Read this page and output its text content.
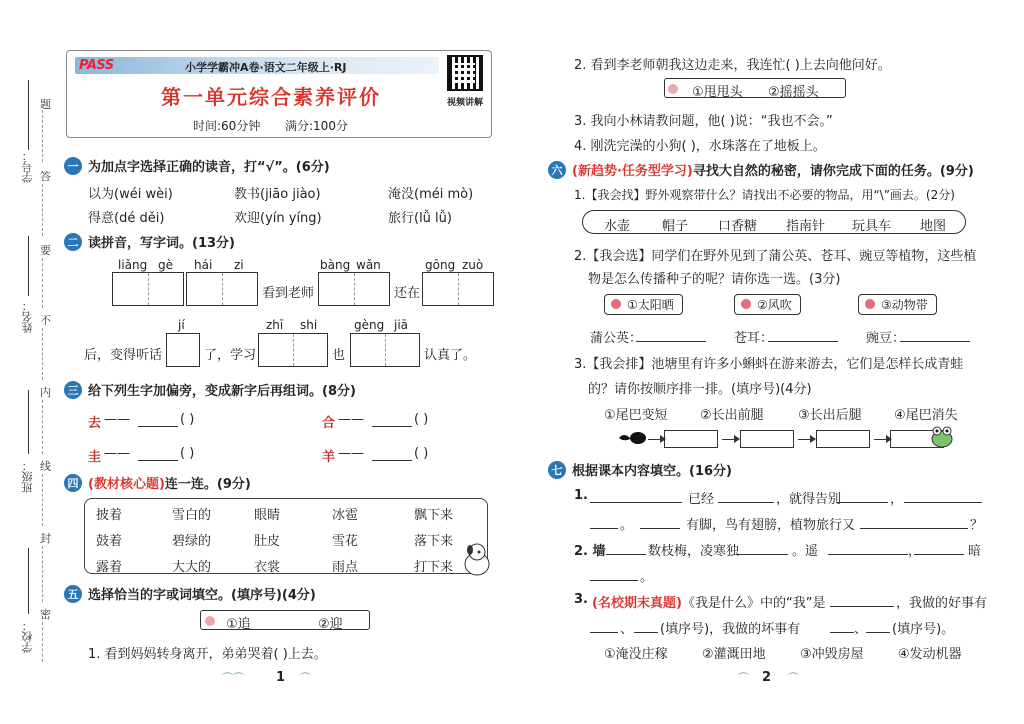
学号：
姓名：
班级：
学校：
题
答
要
不
内
线
封
密
PASS	小学学霸冲A卷·语文二年级上·RJ
第一单元综合素养评价
时间:60分钟 满分:100分
视频讲解
一 为加点字选择正确的读音，打“√”。(6分)
以为(wéi wèi)	教书(jiāo jiào)	淹没(méi mò)
得意(dé děi)	欢迎(yín yíng)	旅行(lǚ lǚ)
二 读拼音，写字词。(13分)
liǎng gè hái zi	bàng wǎn	gōng zuò
看到老师	还在
jí	zhī shi	gèng jiā
后，变得听话	了，学习	也	认真了。
三 给下列生字加偏旁，变成新字后再组词。(8分)
去 ——	( )	合 ——	( )
圭 ——	( )	羊 ——	( )
四 (教材核心题) 连一连。(9分)
披着	雪白的	眼睛	冰雹	飘下来
鼓着	碧绿的	肚皮	雪花	落下来
露着	大大的	衣裳	雨点	打下来
五 选择恰当的字或词填空。(填序号)(4分)
①追	②迎
1. 看到妈妈转身离开，弟弟哭着( )上去。
1
⌒⌒	⌒
2. 看到李老师朝我这边走来，我连忙( )上去向他问好。
①甩甩头 ②摇摇头
3. 我向小林请教问题，他( )说：“我也不会。”
4. 刚洗完澡的小狗( )，水珠落在了地板上。
六 (新趋势·任务型学习) 寻找大自然的秘密，请你完成下面的任务。(9分)
1.【我会找】野外观察带什么？请找出不必要的物品，用“\”画去。(2分)
水壶 帽子 口香糖 指南针 玩具车 地图
2.【我会选】同学们在野外见到了蒲公英、苍耳、豌豆等植物，这些植
物是怎么传播种子的呢？请你选一选。(3分)
①太阳晒	②风吹	③动物带
蒲公英：	苍耳：	豌豆：
3.【我会排】池塘里有许多小蝌蚪在游来游去，它们是怎样长成青蛙
的？请你按顺序排一排。(填序号)(4分)
①尾巴变短 ②长出前腿	③长出后腿 ④尾巴消失
七 根据课本内容填空。(16分)
1.	已经	，就得告别	，
。	有脚，鸟有翅膀，植物旅行又	？
2. 墙	数枝梅，凌寒独	。遥	，	暗
。
3. (名校期末真题) 《我是什么》中的“我”是	，我做的好事有
、 (填序号)，我做的坏事有	、 (填序号)。
①淹没庄稼	②灌溉田地	③冲毁房屋	④发动机器
2
⌒	⌒
